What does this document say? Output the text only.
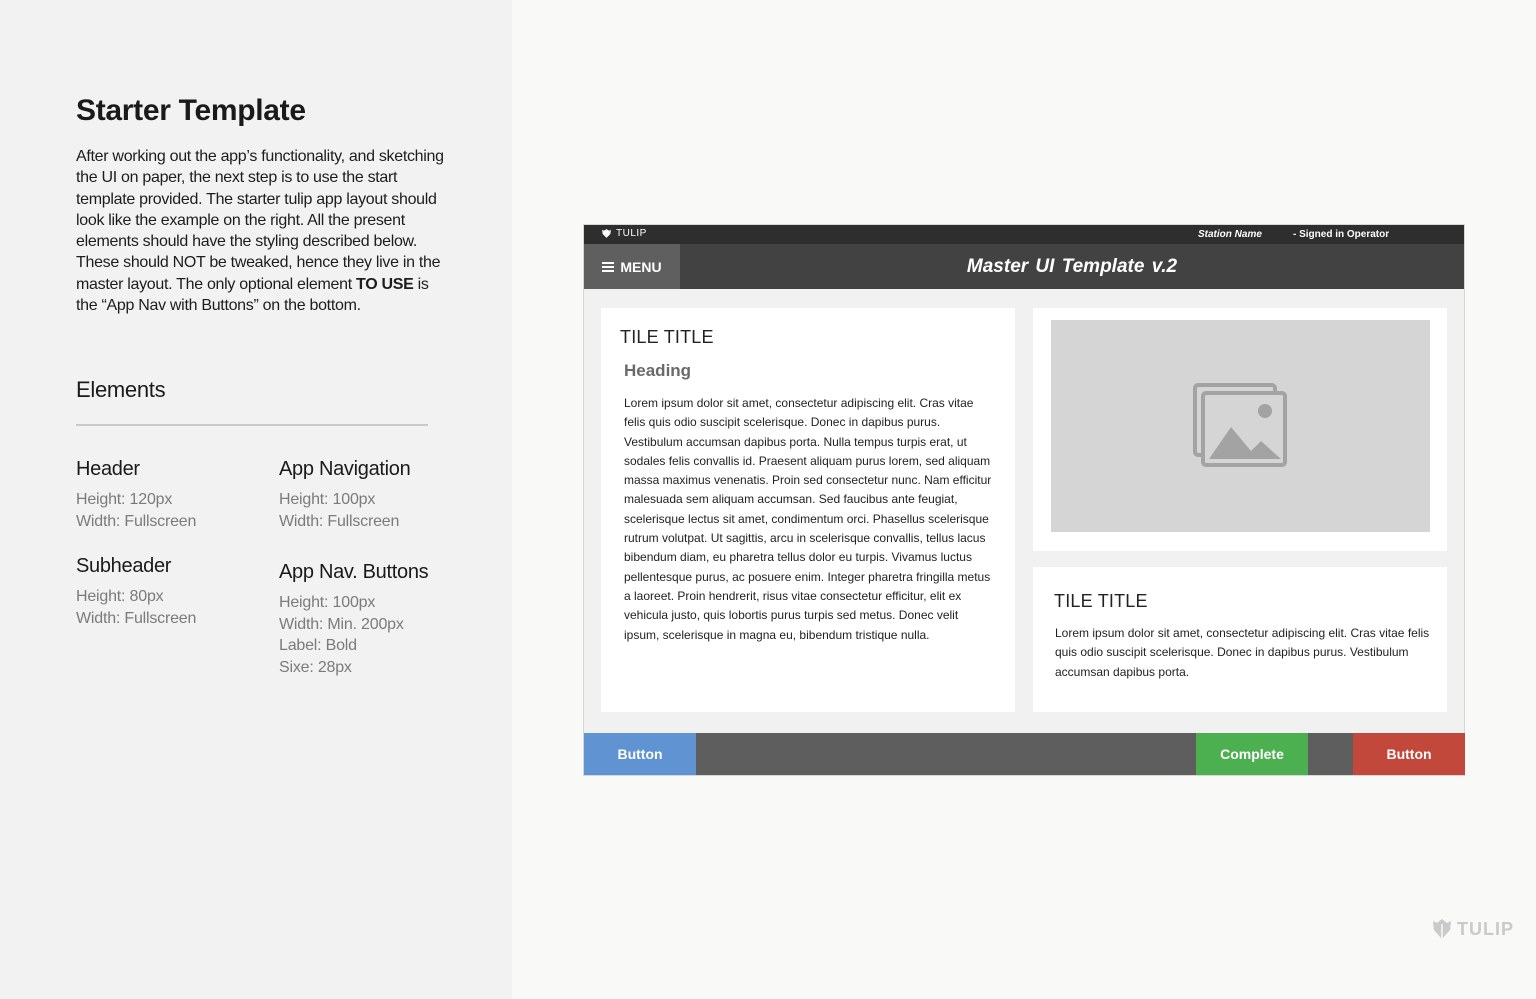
Starter Template
After working out the app’s functionality, and sketching the UI on paper, the next step is to use the start template provided. The starter tulip app layout should look like the example on the right. All the present elements should have the styling described below. These should NOT be tweaked, hence they live in the master layout. The only optional element TO USE is the “App Nav with Buttons” on the bottom.
Elements
Header
Height: 120px
Width: Fullscreen
App Navigation
Height: 100px
Width: Fullscreen
Subheader
Height: 80px
Width: Fullscreen
App Nav. Buttons
Height: 100px
Width: Min. 200px
Label: Bold
Sixe: 28px
TULIP	Station Name	- Signed in Operator
MENU	Master UI Template v.2
TILE TITLE
Heading
Lorem ipsum dolor sit amet, consectetur adipiscing elit. Cras vitae felis quis odio suscipit scelerisque. Donec in dapibus purus. Vestibulum accumsan dapibus porta. Nulla tempus turpis erat, ut sodales felis convallis id. Praesent aliquam purus lorem, sed aliquam massa maximus venenatis. Proin sed consectetur nunc. Nam efficitur malesuada sem aliquam accumsan. Sed faucibus ante feugiat, scelerisque lectus sit amet, condimentum orci. Phasellus scelerisque rutrum volutpat. Ut sagittis, arcu in scelerisque convallis, tellus lacus bibendum diam, eu pharetra tellus dolor eu turpis. Vivamus luctus pellentesque purus, ac posuere enim. Integer pharetra fringilla metus a laoreet. Proin hendrerit, risus vitae consectetur efficitur, elit ex vehicula justo, quis lobortis purus turpis sed metus. Donec velit ipsum, scelerisque in magna eu, bibendum tristique nulla.
TILE TITLE
Lorem ipsum dolor sit amet, consectetur adipiscing elit. Cras vitae felis quis odio suscipit scelerisque. Donec in dapibus purus. Vestibulum accumsan dapibus porta.
Button	Complete	Button
TULIP
